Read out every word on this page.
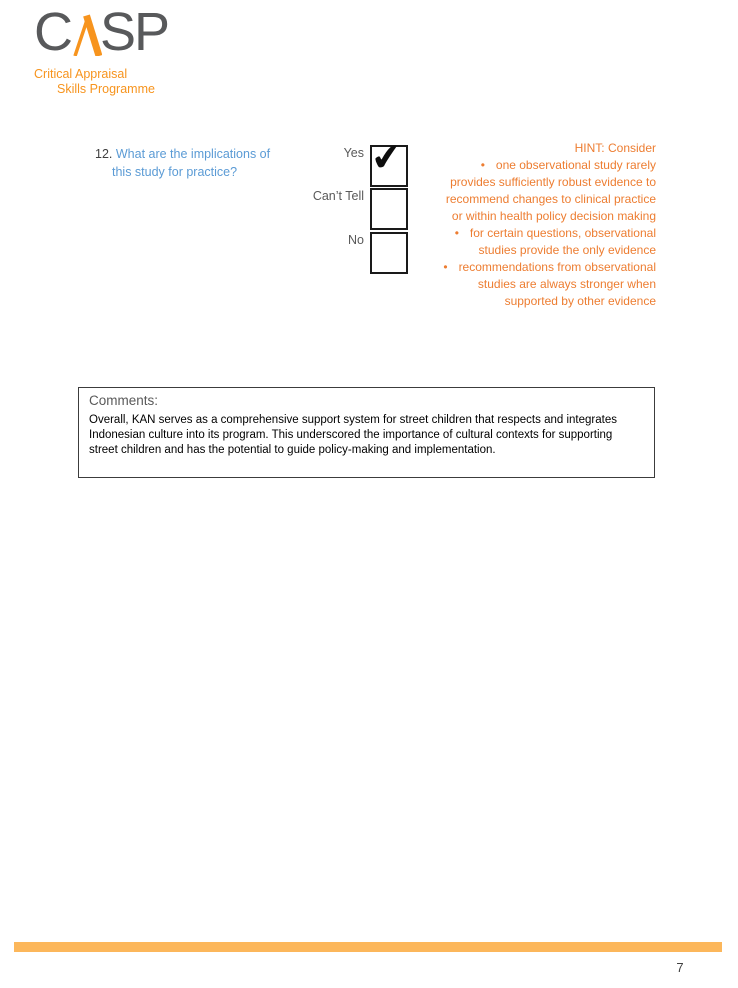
C SP
Critical Appraisal
Skills Programme
12. What are the implications of this study for practice?
Yes ✔
Can’t Tell
No
HINT: Consider
• one observational study rarely provides sufficiently robust evidence to recommend changes to clinical practice or within health policy decision making
• for certain questions, observational studies provide the only evidence
• recommendations from observational studies are always stronger when supported by other evidence
Comments:
Overall, KAN serves as a comprehensive support system for street children that respects and integrates Indonesian culture into its program. This underscored the importance of cultural contexts for supporting street children and has the potential to guide policy-making and implementation.
7
